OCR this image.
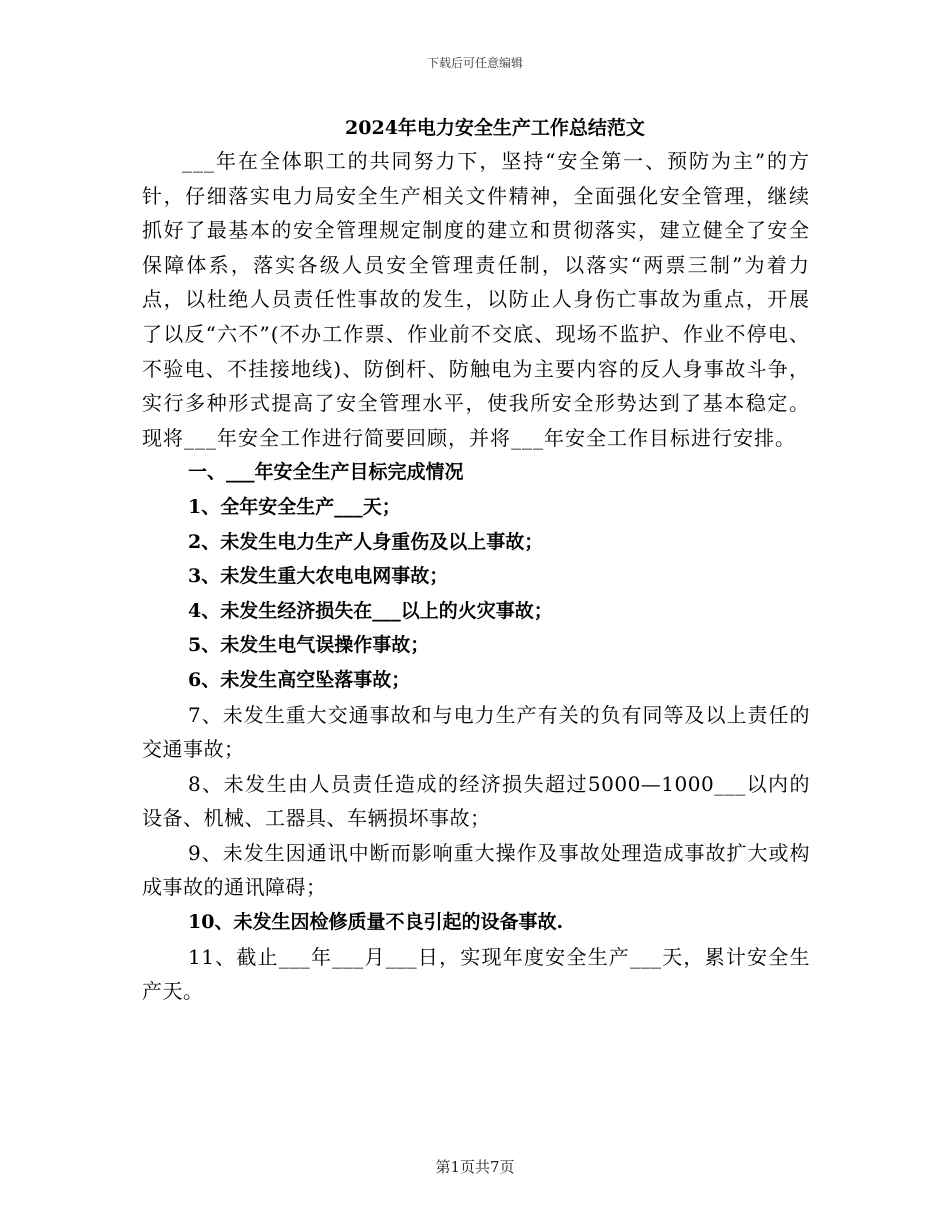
下载后可任意编辑
2024年电力安全生产工作总结范文

___年在全体职工的共同努力下，坚持“安全第一、预防为主”的方针，仔细落实电力局安全生产相关文件精神，全面强化安全管理，继续抓好了最基本的安全管理规定制度的建立和贯彻落实，建立健全了安全保障体系，落实各级人员安全管理责任制，以落实“两票三制”为着力点，以杜绝人员责任性事故的发生，以防止人身伤亡事故为重点，开展了以反“六不”(不办工作票、作业前不交底、现场不监护、作业不停电、不验电、不挂接地线)、防倒杆、防触电为主要内容的反人身事故斗争，实行多种形式提高了安全管理水平，使我所安全形势达到了基本稳定。现将___年安全工作进行简要回顾，并将___年安全工作目标进行安排。

一、___年安全生产目标完成情况

1、全年安全生产___天；

2、未发生电力生产人身重伤及以上事故；

3、未发生重大农电电网事故；

4、未发生经济损失在___以上的火灾事故；

5、未发生电气误操作事故；

6、未发生高空坠落事故；

7、未发生重大交通事故和与电力生产有关的负有同等及以上责任的交通事故；

8、未发生由人员责任造成的经济损失超过5000—1000___以内的设备、机械、工器具、车辆损坏事故；

9、未发生因通讯中断而影响重大操作及事故处理造成事故扩大或构成事故的通讯障碍；

10、未发生因检修质量不良引起的设备事故.

11、截止___年___月___日，实现年度安全生产___天，累计安全生产天。

第1页共7页
